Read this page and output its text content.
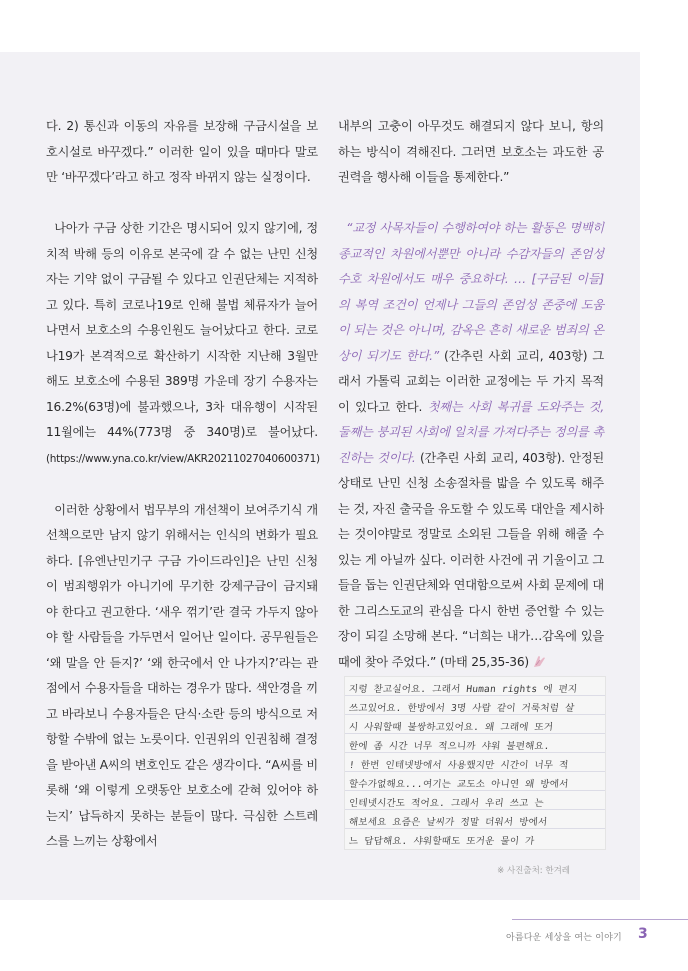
다. 2) 통신과 이동의 자유를 보장해 구금시설을 보호시설로 바꾸겠다.” 이러한 일이 있을 때마다 말로만 ‘바꾸겠다’라고 하고 정작 바뀌지 않는 실정이다.

나아가 구금 상한 기간은 명시되어 있지 않기에, 정치적 박해 등의 이유로 본국에 갈 수 없는 난민 신청자는 기약 없이 구금될 수 있다고 인권단체는 지적하고 있다. 특히 코로나19로 인해 불법 체류자가 늘어나면서 보호소의 수용인원도 늘어났다고 한다. 코로나19가 본격적으로 확산하기 시작한 지난해 3월만 해도 보호소에 수용된 389명 가운데 장기 수용자는 16.2%(63명)에 불과했으나, 3차 대유행이 시작된 11월에는 44%(773명 중 340명)로 불어났다. (https://www.yna.co.kr/view/AKR20211027040600371)

이러한 상황에서 법무부의 개선책이 보여주기식 개선책으로만 남지 않기 위해서는 인식의 변화가 필요하다. [유엔난민기구 구금 가이드라인]은 난민 신청이 범죄행위가 아니기에 무기한 강제구금이 금지돼야 한다고 권고한다. ‘새우 꺾기’란 결국 가두지 않아야 할 사람들을 가두면서 일어난 일이다. 공무원들은 ‘왜 말을 안 듣지?’ ‘왜 한국에서 안 나가지?’라는 관점에서 수용자들을 대하는 경우가 많다. 색안경을 끼고 바라보니 수용자들은 단식·소란 등의 방식으로 저항할 수밖에 없는 노릇이다. 인권위의 인권침해 결정을 받아낸 A씨의 변호인도 같은 생각이다. “A씨를 비롯해 ‘왜 이렇게 오랫동안 보호소에 갇혀 있어야 하는지’ 납득하지 못하는 분들이 많다. 극심한 스트레스를 느끼는 상황에서

내부의 고충이 아무것도 해결되지 않다 보니, 항의하는 방식이 격해진다. 그러면 보호소는 과도한 공권력을 행사해 이들을 통제한다.”

“교정 사목자들이 수행하여야 하는 활동은 명백히 종교적인 차원에서뿐만 아니라 수감자들의 존엄성 수호 차원에서도 매우 중요하다. … [구금된 이들]의 복역 조건이 언제나 그들의 존엄성 존중에 도움이 되는 것은 아니며, 감옥은 흔히 새로운 범죄의 온상이 되기도 한다.” (간추린 사회 교리, 403항) 그래서 가톨릭 교회는 이러한 교정에는 두 가지 목적이 있다고 한다. 첫째는 사회 복귀를 도와주는 것, 둘째는 붕괴된 사회에 일치를 가져다주는 정의를 촉진하는 것이다. (간추린 사회 교리, 403항). 안정된 상태로 난민 신청 소송절차를 밟을 수 있도록 해주는 것, 자진 출국을 유도할 수 있도록 대안을 제시하는 것이야말로 정말로 소외된 그들을 위해 해줄 수 있는 게 아닐까 싶다. 이러한 사건에 귀 기울이고 그들을 돕는 인권단체와 연대함으로써 사회 문제에 대한 그리스도교의 관심을 다시 한번 증언할 수 있는 장이 되길 소망해 본다. “너희는 내가…감옥에 있을 때에 찾아 주었다.” (마태 25,35-36)

지렁 찯고실어요. 그래서 Human rights 에 편지
쓰고있어요. 한방에서 3명 사람 같이 거룩처럼 살
시 사워할때 불쌍하고있어요. 왜 그래에 또거
한에 좀 시간 너무 적으니까 샤워 불편해요.
! 한번 인테넷방에서 사용했지만 시간이 너무 적
할수가없해요...여기는 교도소 아니연 왜 방에서
인테넷시간도 적어요. 그래서 우리 쓰고 는
해보세요 요즘은 날씨가 정말 더워서 방에서
느 답답해요. 샤워할때도 또거운 물이 가
※ 사진출처: 한겨레
아름다운 세상을 여는 이야기 3
